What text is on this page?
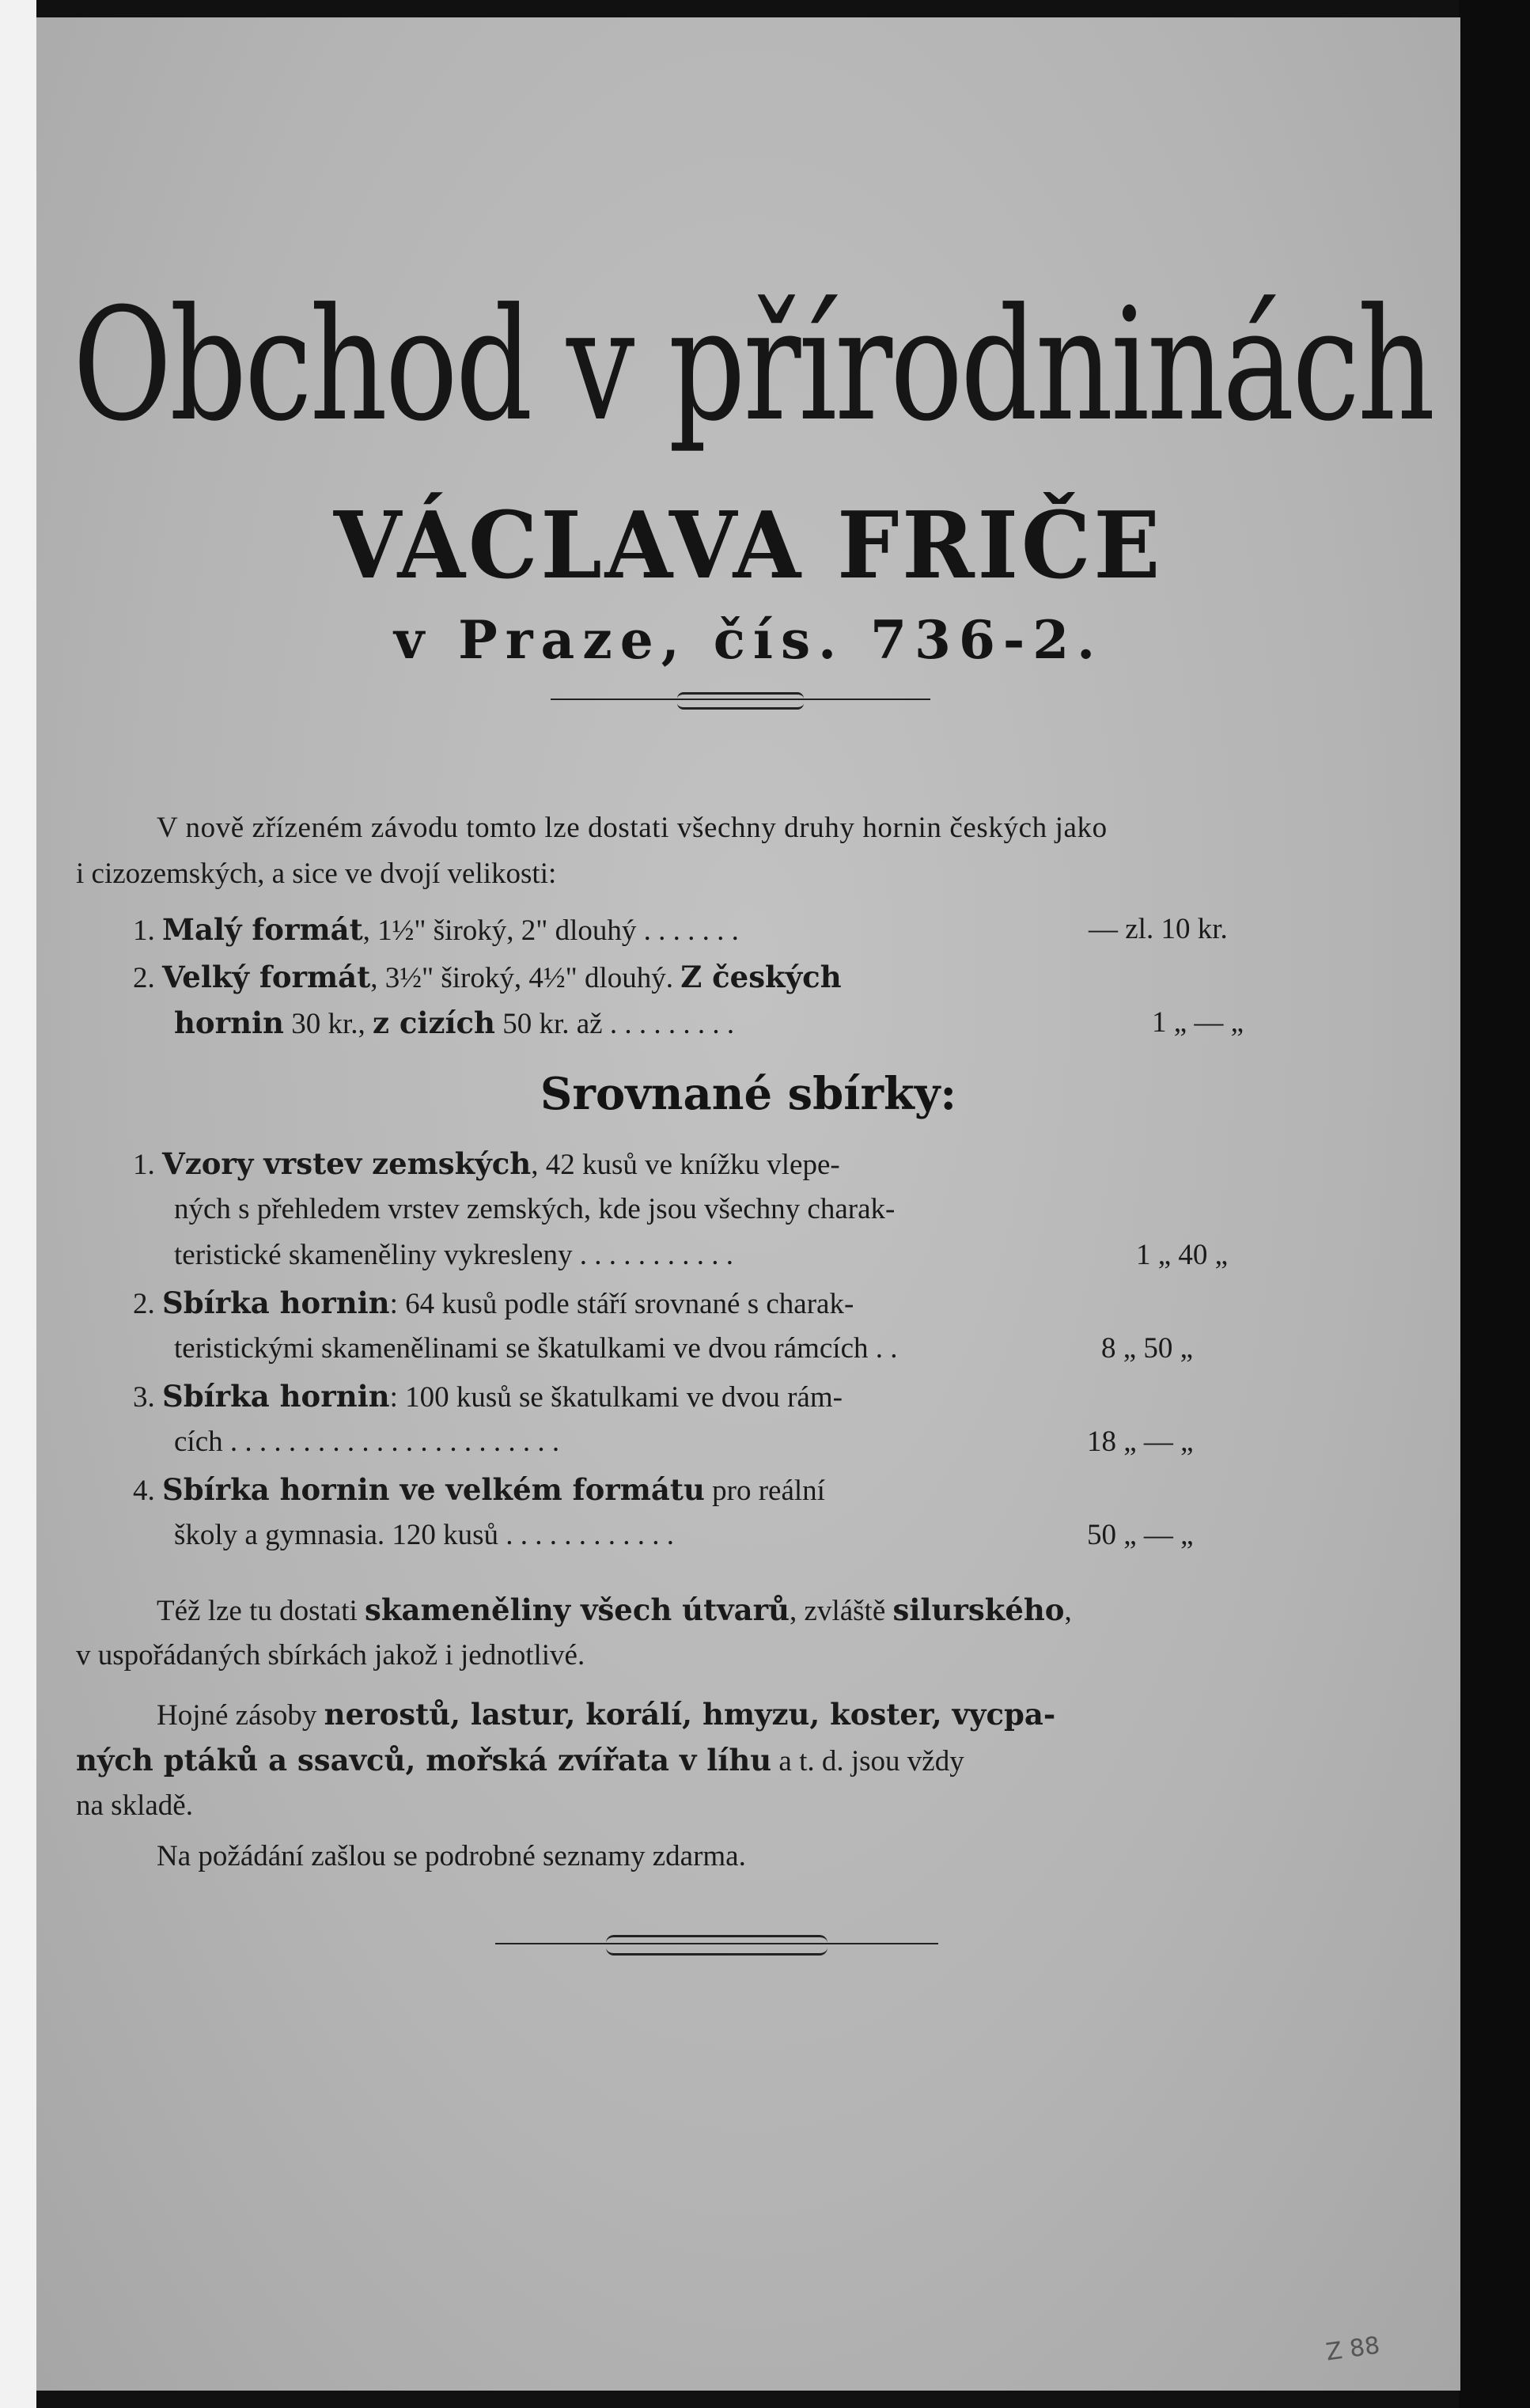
Obchod v přírodninách
VÁCLAVA FRIČE
v Praze, čís. 736-2.
V nově zřízeném závodu tomto lze dostati všechny druhy hornin českých jako
i cizozemských, a sice ve dvojí velikosti:
1. Malý formát, 1½" široký, 2" dlouhý . . . . . . .	— zl. 10 kr.
2. Velký formát, 3½" široký, 4½" dlouhý. Z českých
hornin 30 kr., z cizích 50 kr. až . . . . . . . . .	1 „ — „
Srovnané sbírky:
1. Vzory vrstev zemských, 42 kusů ve knížku vlepe-
ných s přehledem vrstev zemských, kde jsou všechny charak-
teristické skameněliny vykresleny . . . . . . . . . . .	1 „ 40 „
2. Sbírka hornin: 64 kusů podle stáří srovnané s charak-
teristickými skamenělinami se škatulkami ve dvou rámcích . .	8 „ 50 „
3. Sbírka hornin: 100 kusů se škatulkami ve dvou rám-
cích . . . . . . . . . . . . . . . . . . . . . . .	18 „ — „
4. Sbírka hornin ve velkém formátu pro reální
školy a gymnasia. 120 kusů . . . . . . . . . . . .	50 „ — „
Též lze tu dostati skameněliny všech útvarů, zvláště silurského,
v uspořádaných sbírkách jakož i jednotlivé.
Hojné zásoby nerostů, lastur, korálí, hmyzu, koster, vycpa-
ných ptáků a ssavců, mořská zvířata v líhu a t. d. jsou vždy
na skladě.
Na požádání zašlou se podrobné seznamy zdarma.
Z 88
